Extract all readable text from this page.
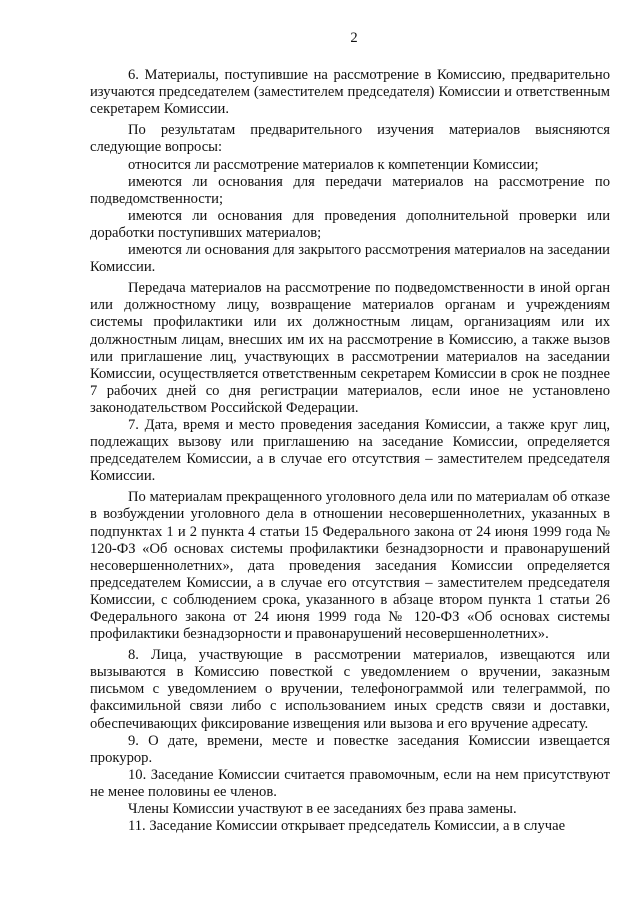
2

6. Материалы, поступившие на рассмотрение в Комиссию, предварительно изучаются председателем (заместителем председателя) Комиссии и ответственным секретарем Комиссии.

По результатам предварительного изучения материалов выясняются следующие вопросы:

относится ли рассмотрение материалов к компетенции Комиссии;

имеются ли основания для передачи материалов на рассмотрение по подведомственности;

имеются ли основания для проведения дополнительной проверки или доработки поступивших материалов;

имеются ли основания для закрытого рассмотрения материалов на заседании Комиссии.

Передача материалов на рассмотрение по подведомственности в иной орган или должностному лицу, возвращение материалов органам и учреждениям системы профилактики или их должностным лицам, организациям или их должностным лицам, внесших им их на рассмотрение в Комиссию, а также вызов или приглашение лиц, участвующих в рассмотрении материалов на заседании Комиссии, осуществляется ответственным секретарем Комиссии в срок не позднее 7 рабочих дней со дня регистрации материалов, если иное не установлено законодательством Российской Федерации.

7. Дата, время и место проведения заседания Комиссии, а также круг лиц, подлежащих вызову или приглашению на заседание Комиссии, определяется председателем Комиссии, а в случае его отсутствия – заместителем председателя Комиссии.

По материалам прекращенного уголовного дела или по материалам об отказе в возбуждении уголовного дела в отношении несовершеннолетних, указанных в подпунктах 1 и 2 пункта 4 статьи 15 Федерального закона от 24 июня 1999 года № 120-ФЗ «Об основах системы профилактики безнадзорности и правонарушений несовершеннолетних», дата проведения заседания Комиссии определяется председателем Комиссии, а в случае его отсутствия – заместителем председателя Комиссии, с соблюдением срока, указанного в абзаце втором пункта 1 статьи 26 Федерального закона от 24 июня 1999 года № 120-ФЗ «Об основах системы профилактики безнадзорности и правонарушений несовершеннолетних».

8. Лица, участвующие в рассмотрении материалов, извещаются или вызываются в Комиссию повесткой с уведомлением о вручении, заказным письмом с уведомлением о вручении, телефонограммой или телеграммой, по факсимильной связи либо с использованием иных средств связи и доставки, обеспечивающих фиксирование извещения или вызова и его вручение адресату.

9. О дате, времени, месте и повестке заседания Комиссии извещается прокурор.

10. Заседание Комиссии считается правомочным, если на нем присутствуют не менее половины ее членов.

Члены Комиссии участвуют в ее заседаниях без права замены.

11. Заседание Комиссии открывает председатель Комиссии, а в случае
